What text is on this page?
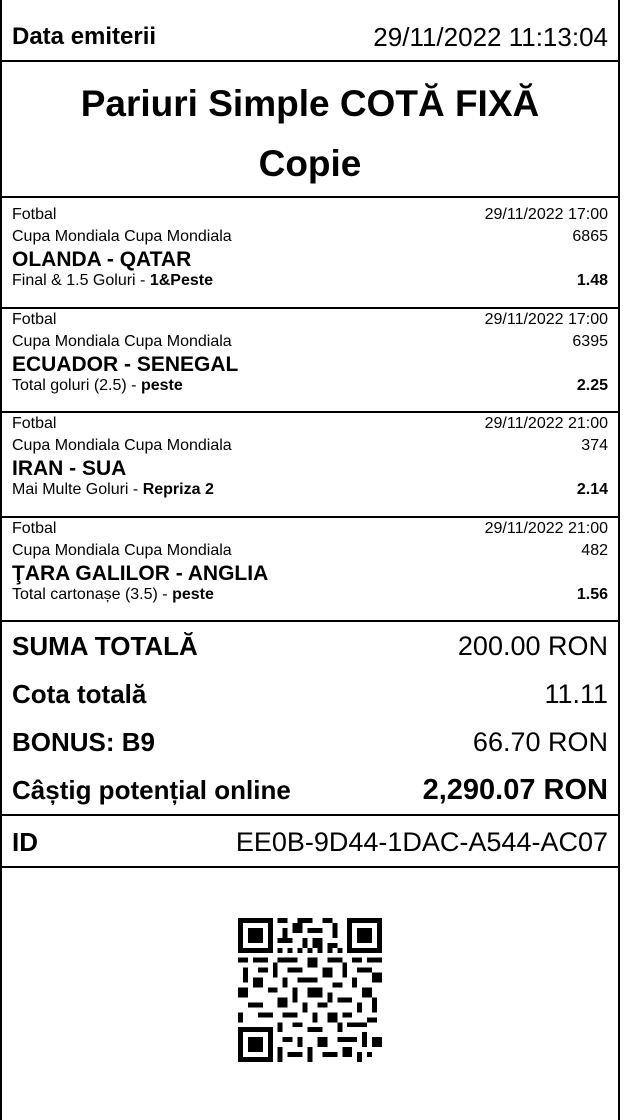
Data emiterii	29/11/2022 11:13:04
Pariuri Simple COTĂ FIXĂ
Copie
Fotbal	29/11/2022 17:00
Cupa Mondiala Cupa Mondiala	6865
OLANDA - QATAR
Final & 1.5 Goluri - 1&Peste	1.48
Fotbal	29/11/2022 17:00
Cupa Mondiala Cupa Mondiala	6395
ECUADOR - SENEGAL
Total goluri (2.5) - peste	2.25
Fotbal	29/11/2022 21:00
Cupa Mondiala Cupa Mondiala	374
IRAN - SUA
Mai Multe Goluri - Repriza 2	2.14
Fotbal	29/11/2022 21:00
Cupa Mondiala Cupa Mondiala	482
ŢARA GALILOR - ANGLIA
Total cartonașe (3.5) - peste	1.56
SUMA TOTALĂ	200.00 RON
Cota totală	11.11
BONUS: B9	66.70 RON
Câștig potențial online	2,290.07 RON
ID	EE0B-9D44-1DAC-A544-AC07
